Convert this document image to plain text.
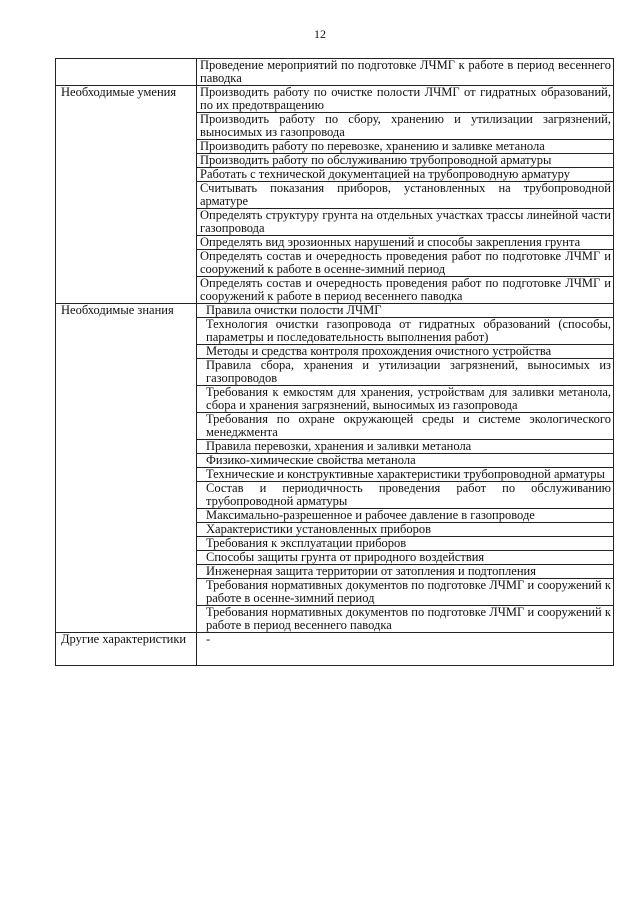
12
	Проведение мероприятий по подготовке ЛЧМГ к работе в период весеннего паводка
Необходимые умения	Производить работу по очистке полости ЛЧМГ от гидратных образований, по их предотвращению
	Производить работу по сбору, хранению и утилизации загрязнений, выносимых из газопровода
	Производить работу по перевозке, хранению и заливке метанола
	Производить работу по обслуживанию трубопроводной арматуры
	Работать с технической документацией на трубопроводную арматуру
	Считывать показания приборов, установленных на трубопроводной арматуре
	Определять структуру грунта на отдельных участках трассы линейной части газопровода
	Определять вид эрозионных нарушений и способы закрепления грунта
	Определять состав и очередность проведения работ по подготовке ЛЧМГ и сооружений к работе в осенне-зимний период
	Определять состав и очередность проведения работ по подготовке ЛЧМГ и сооружений к работе в период весеннего паводка
Необходимые знания	Правила очистки полости ЛЧМГ
	Технология очистки газопровода от гидратных образований (способы, параметры и последовательность выполнения работ)
	Методы и средства контроля прохождения очистного устройства
	Правила сбора, хранения и утилизации загрязнений, выносимых из газопроводов
	Требования к емкостям для хранения, устройствам для заливки метанола, сбора и хранения загрязнений, выносимых из газопровода
	Требования по охране окружающей среды и системе экологического менеджмента
	Правила перевозки, хранения и заливки метанола
	Физико-химические свойства метанола
	Технические и конструктивные характеристики трубопроводной арматуры
	Состав и периодичность проведения работ по обслуживанию трубопроводной арматуры
	Максимально-разрешенное и рабочее давление в газопроводе
	Характеристики установленных приборов
	Требования к эксплуатации приборов
	Способы защиты грунта от природного воздействия
	Инженерная защита территории от затопления и подтопления
	Требования нормативных документов по подготовке ЛЧМГ и сооружений к работе в осенне-зимний период
	Требования нормативных документов по подготовке ЛЧМГ и сооружений к работе в период весеннего паводка
Другие характеристики	-
